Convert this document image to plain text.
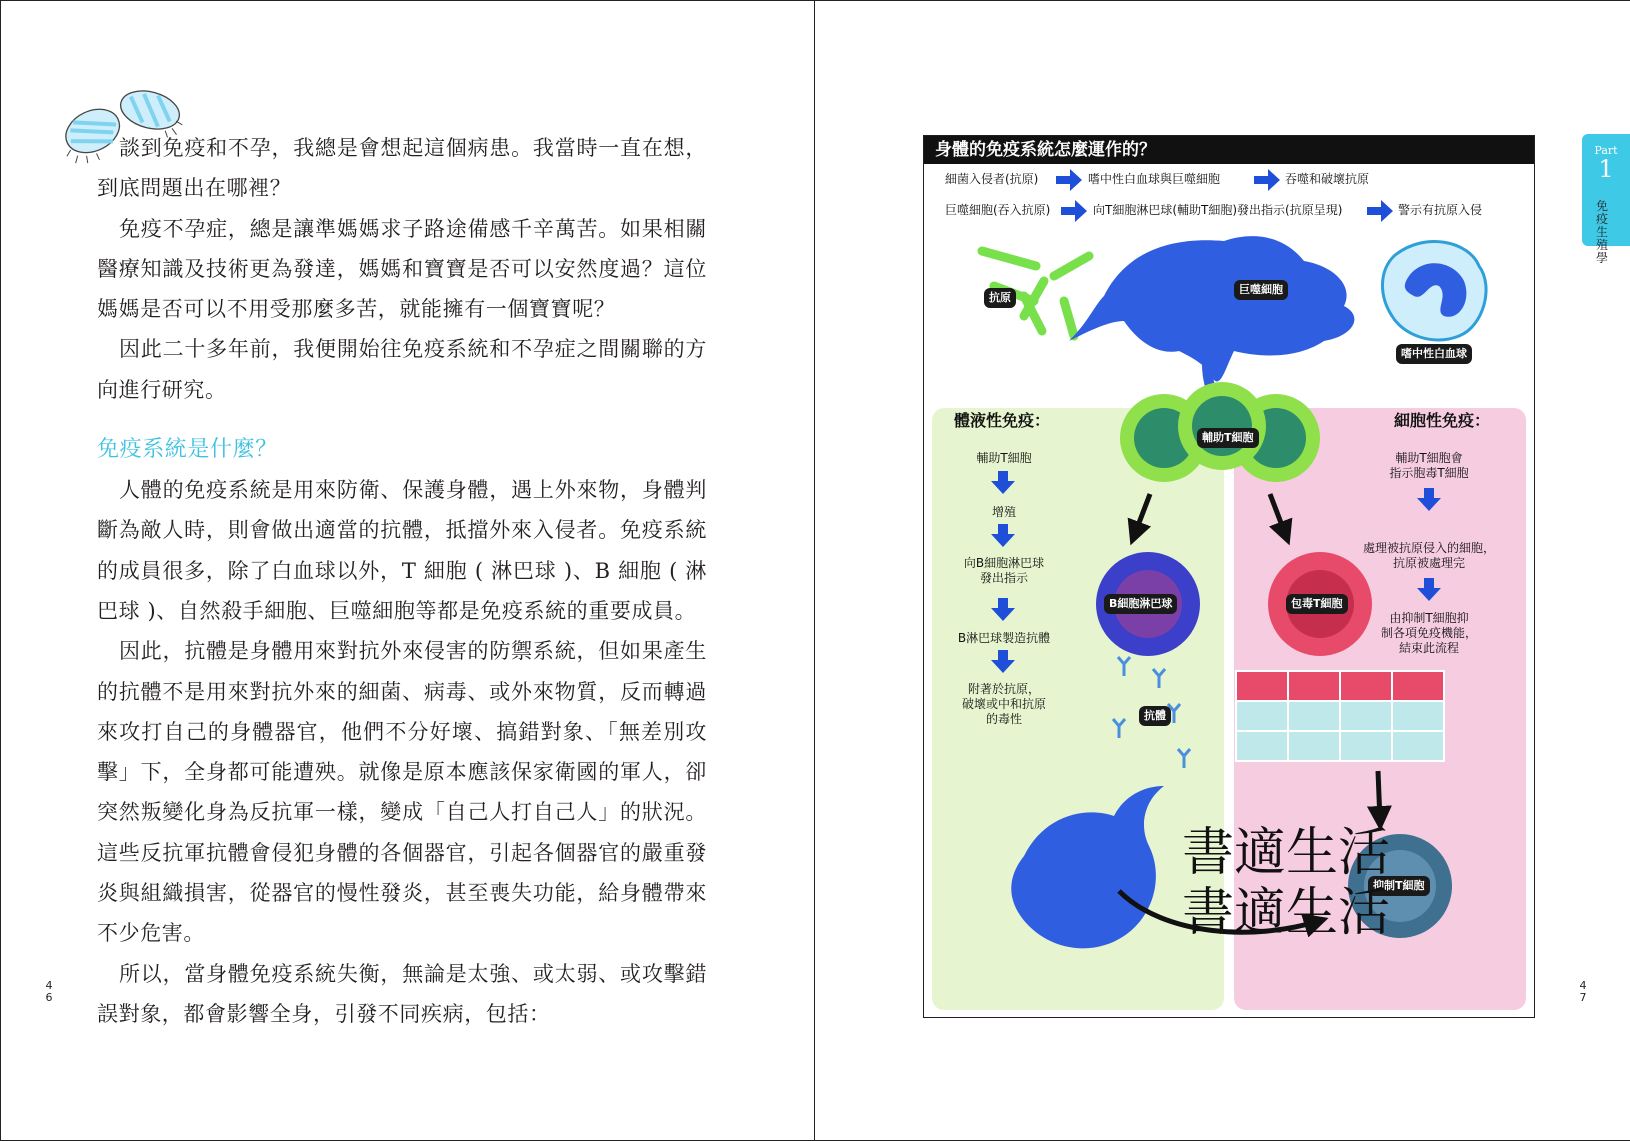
談到免疫和不孕，我總是會想起這個病患。我當時一直在想，到底問題出在哪裡？

免疫不孕症，總是讓準媽媽求子路途備感千辛萬苦。如果相關醫療知識及技術更為發達，媽媽和寶寶是否可以安然度過？這位媽媽是否可以不用受那麼多苦，就能擁有一個寶寶呢？

因此二十多年前，我便開始往免疫系統和不孕症之間關聯的方向進行研究。

免疫系統是什麼？

人體的免疫系統是用來防衛、保護身體，遇上外來物，身體判斷為敵人時，則會做出適當的抗體，抵擋外來入侵者。免疫系統的成員很多，除了白血球以外，T 細胞 ( 淋巴球 )、B 細胞 ( 淋巴球 )、自然殺手細胞、巨噬細胞等都是免疫系統的重要成員。

因此，抗體是身體用來對抗外來侵害的防禦系統，但如果產生的抗體不是用來對抗外來的細菌、病毒、或外來物質，反而轉過來攻打自己的身體器官，他們不分好壞、搞錯對象、「無差別攻擊」下，全身都可能遭殃。就像是原本應該保家衛國的軍人，卻突然叛變化身為反抗軍一樣，變成「自己人打自己人」的狀況。這些反抗軍抗體會侵犯身體的各個器官，引起各個器官的嚴重發炎與組織損害，從器官的慢性發炎，甚至喪失功能，給身體帶來不少危害。

所以，當身體免疫系統失衡，無論是太強、或太弱、或攻擊錯誤對象，都會影響全身，引發不同疾病，包括：

4
6
Part
1
免疫生殖學
4
7
身體的免疫系統怎麼運作的？
細菌入侵者(抗原)	嗜中性白血球與巨噬細胞	吞噬和破壞抗原
巨噬細胞(吞入抗原)	向T細胞淋巴球(輔助T細胞)發出指示(抗原呈現)	警示有抗原入侵
抗原
巨噬細胞
嗜中性白血球
輔助T細胞
B細胞淋巴球	包毒T細胞
抗體
抑制T細胞
體液性免疫：	細胞性免疫：
輔助T細胞
增殖
向B細胞淋巴球
發出指示
B淋巴球製造抗體
附著於抗原，
破壞或中和抗原
的毒性
輔助T細胞會
指示胞毒T細胞
處理被抗原侵入的細胞，
抗原被處理完
由抑制T細胞抑
制各項免疫機能，
結束此流程
書適生活
書適生活
